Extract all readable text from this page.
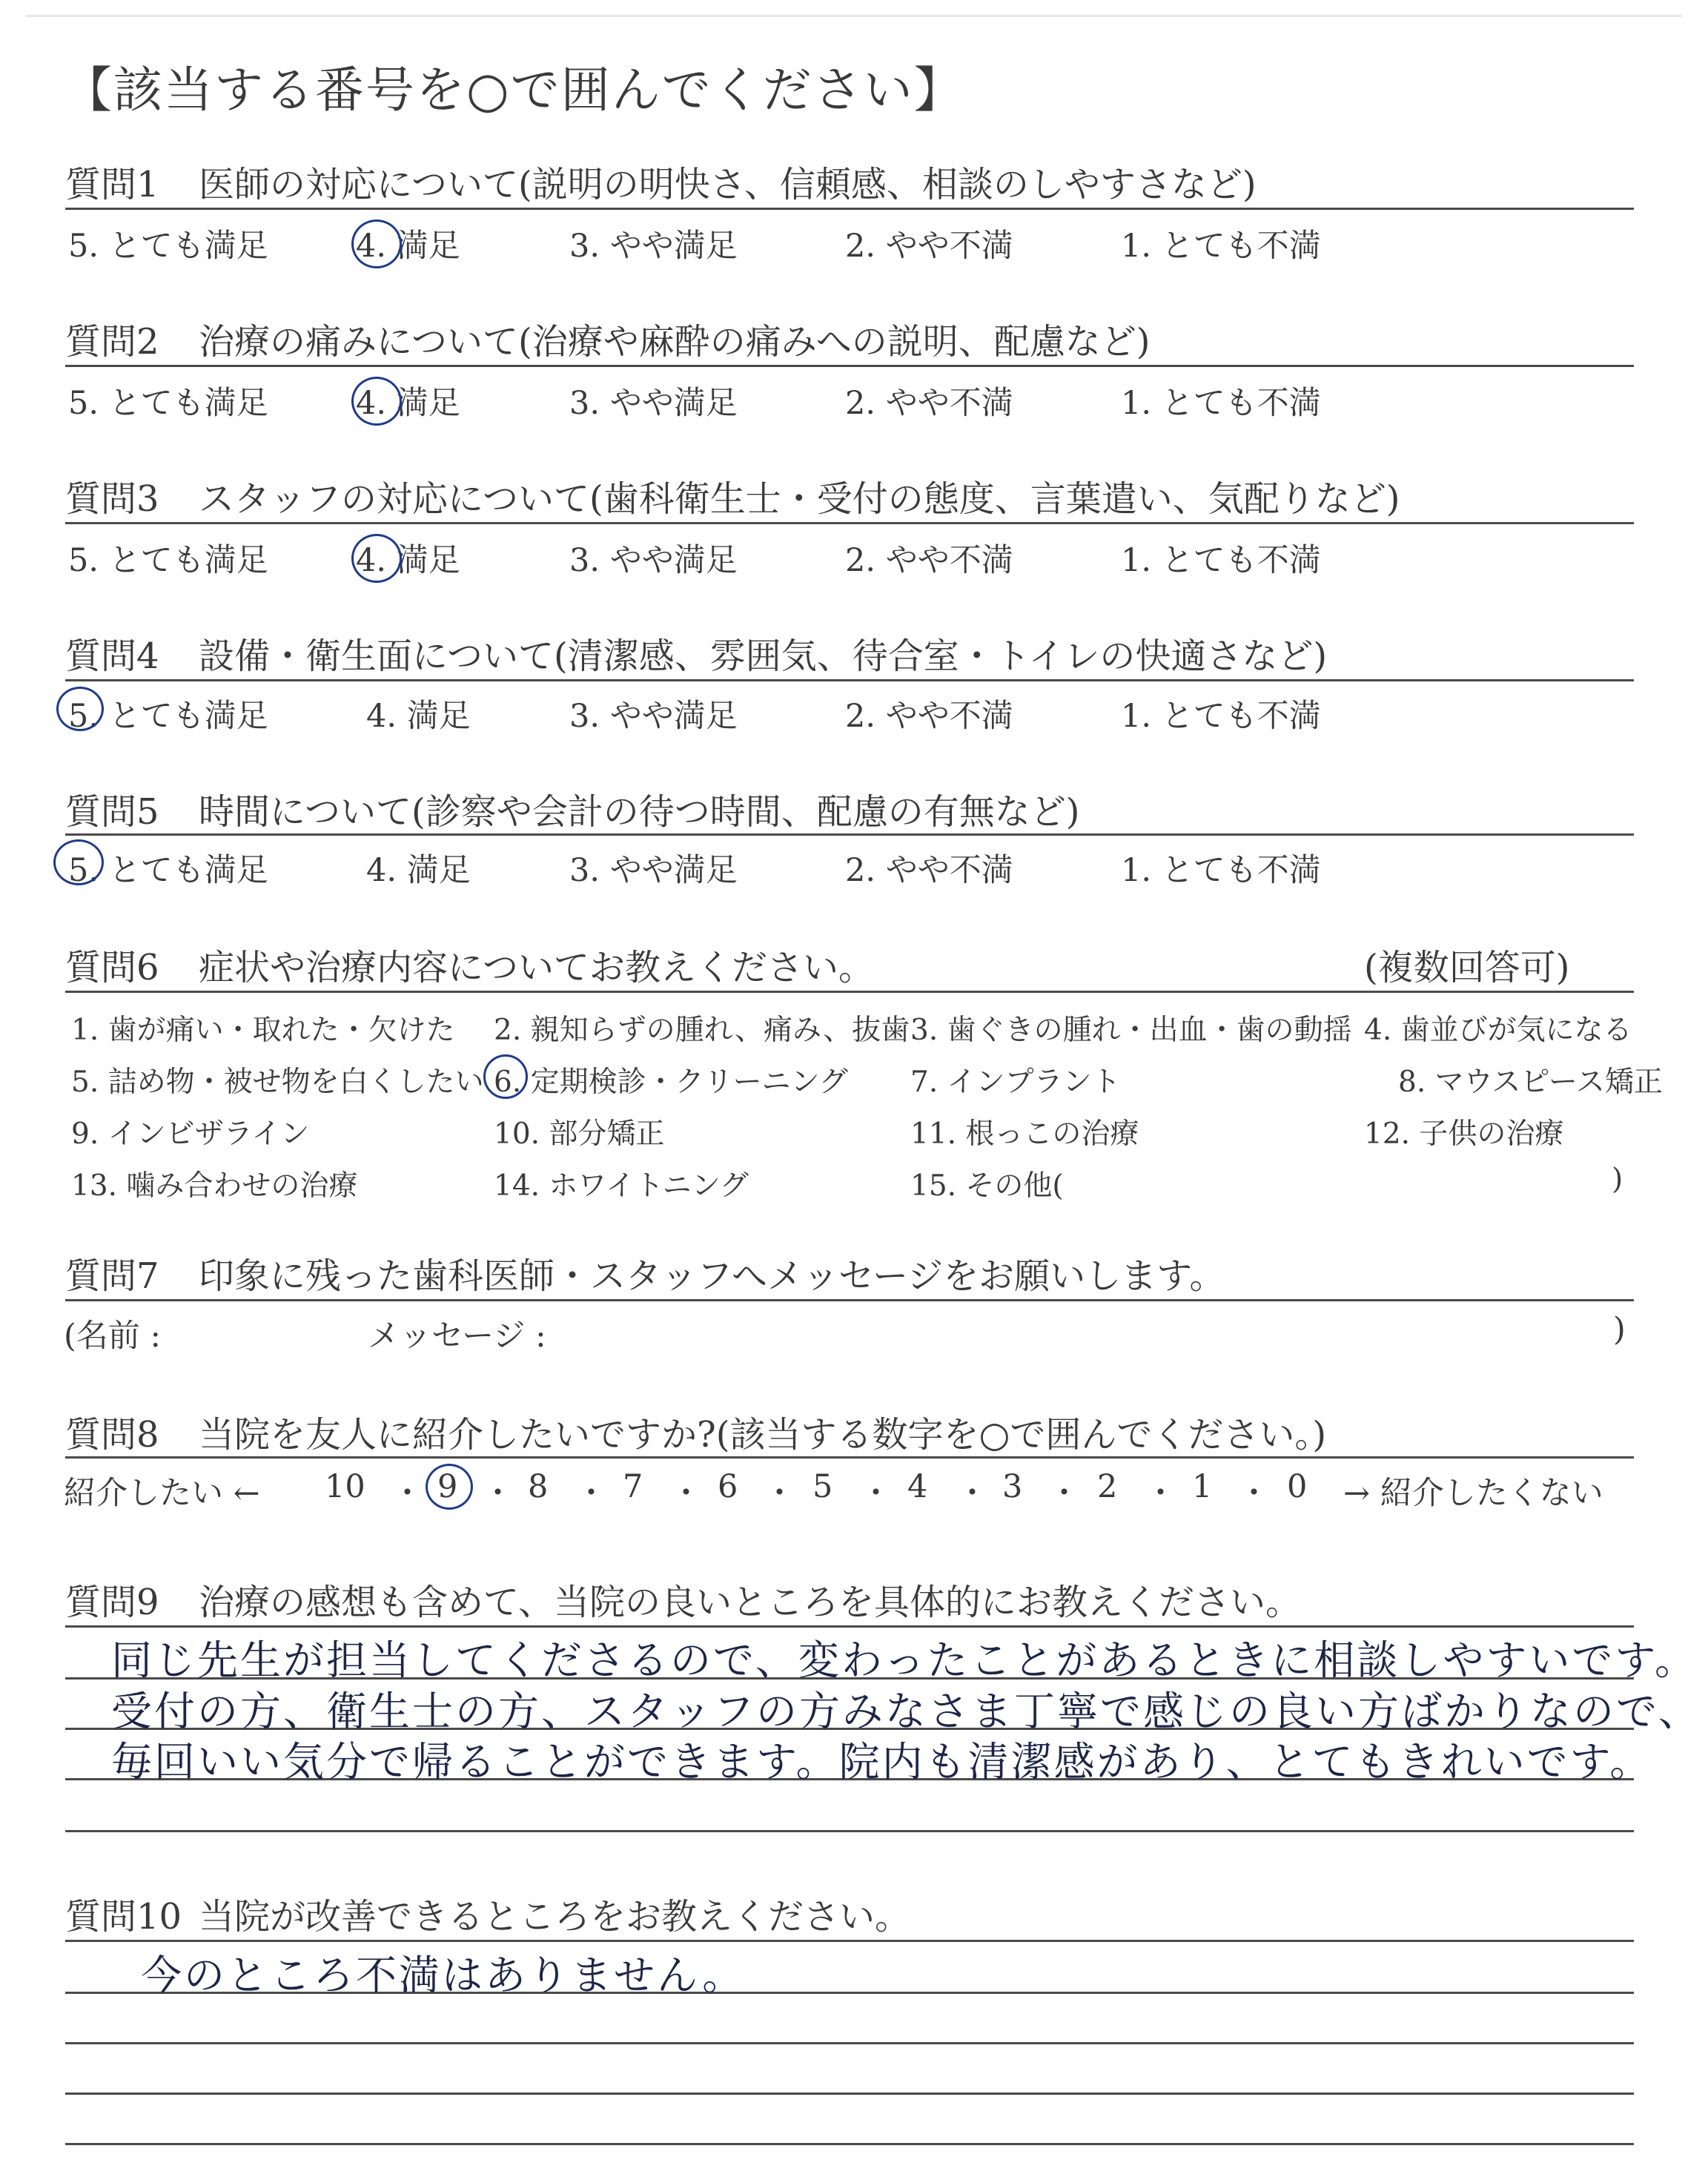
【該当する番号を○で囲んでください】
質問1 医師の対応について(説明の明快さ、信頼感、相談のしやすさなど)
5. とても満足	4. 満足	3. やや満足	2. やや不満	1. とても不満
質問2 治療の痛みについて(治療や麻酔の痛みへの説明、配慮など)
5. とても満足	4. 満足	3. やや満足	2. やや不満	1. とても不満
質問3 スタッフの対応について(歯科衛生士・受付の態度、言葉遣い、気配りなど)
5. とても満足	4. 満足	3. やや満足	2. やや不満	1. とても不満
質問4 設備・衛生面について(清潔感、雰囲気、待合室・トイレの快適さなど)
5. とても満足	4. 満足	3. やや満足	2. やや不満	1. とても不満
質問5 時間について(診察や会計の待つ時間、配慮の有無など)
5. とても満足	4. 満足	3. やや満足	2. やや不満	1. とても不満
質問6 症状や治療内容についてお教えください。	(複数回答可)
1. 歯が痛い・取れた・欠けた 2. 親知らずの腫れ、痛み、抜歯 3. 歯ぐきの腫れ・出血・歯の動揺 4. 歯並びが気になる
5. 詰め物・被せ物を白くしたい 6. 定期検診・クリーニング 7. インプラント	8. マウスピース矯正
9. インビザライン	10. 部分矯正	11. 根っこの治療	12. 子供の治療
13. 噛み合わせの治療	14. ホワイトニング	15. その他(	)
質問7 印象に残った歯科医師・スタッフへメッセージをお願いします。
(名前 :	メッセージ :	)
質問8 当院を友人に紹介したいですか?(該当する数字を○で囲んでください。)
紹介したい ← 10 ・ 9 ・ 8 ・ 7 ・ 6 ・ 5 ・ 4 ・ 3 ・ 2 ・ 1 ・ 0 → 紹介したくない
質問9 治療の感想も含めて、当院の良いところを具体的にお教えください。
同じ先生が担当してくださるので、変わったことがあるときに相談しやすいです。
受付の方、衛生士の方、スタッフの方みなさま丁寧で感じの良い方ばかりなので、
毎回いい気分で帰ることができます。院内も清潔感があり、とてもきれいです。
質問10 当院が改善できるところをお教えください。
今のところ不満はありません。
